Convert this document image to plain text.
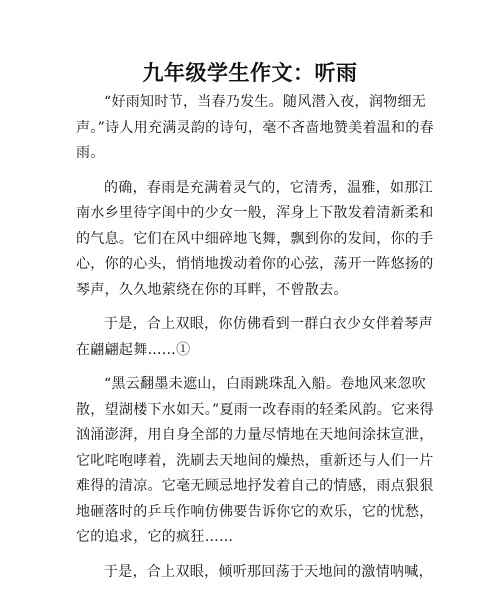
九年级学生作文：听雨

“好雨知时节，当春乃发生。随风潜入夜，润物细无
声。”诗人用充满灵韵的诗句，毫不吝啬地赞美着温和的春
雨。

的确，春雨是充满着灵气的，它清秀，温雅，如那江
南水乡里待字闺中的少女一般，浑身上下散发着清新柔和
的气息。它们在风中细碎地飞舞，飘到你的发间，你的手
心，你的心头，悄悄地拨动着你的心弦，荡开一阵悠扬的
琴声，久久地萦绕在你的耳畔，不曾散去。

于是，合上双眼，你仿佛看到一群白衣少女伴着琴声
在翩翩起舞……①

“黑云翻墨未遮山，白雨跳珠乱入船。卷地风来忽吹
散，望湖楼下水如天。”夏雨一改春雨的轻柔风韵。它来得
汹涌澎湃，用自身全部的力量尽情地在天地间涂抹宣泄，
它叱咤咆哮着，洗刷去天地间的燥热，重新还与人们一片
难得的清凉。它毫无顾忌地抒发着自己的情感，雨点狠狠
地砸落时的乒乓作响仿佛要告诉你它的欢乐，它的忧愁，
它的追求，它的疯狂……

于是，合上双眼，倾听那回荡于天地间的激情呐喊，
